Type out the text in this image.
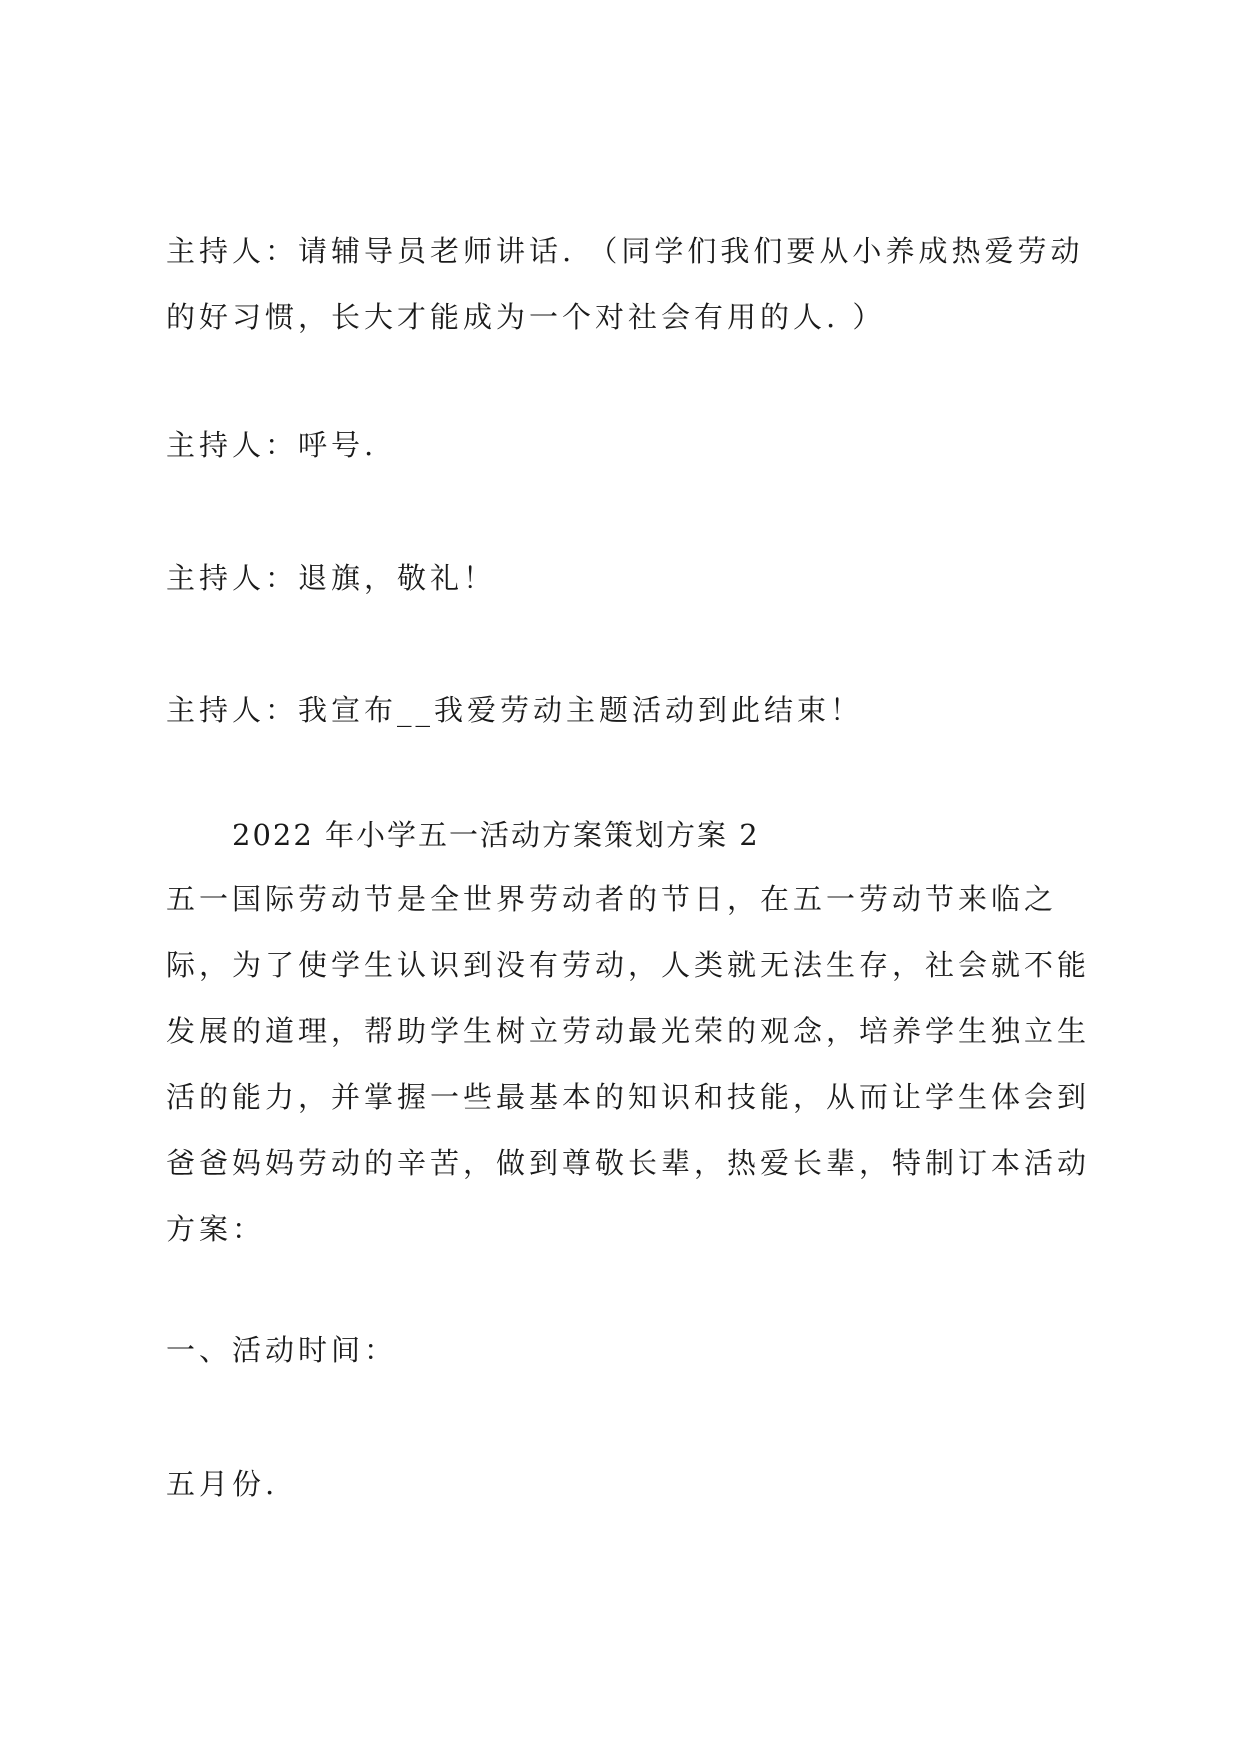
主持人：请辅导员老师讲话. （同学们我们要从小养成热爱劳动
的好习惯，长大才能成为一个对社会有用的人. ）
主持人：呼号.
主持人：退旗，敬礼！
主持人：我宣布__我爱劳动主题活动到此结束！
2022 年小学五一活动方案策划方案 2
五一国际劳动节是全世界劳动者的节日，在五一劳动节来临之
际，为了使学生认识到没有劳动，人类就无法生存，社会就不能
发展的道理，帮助学生树立劳动最光荣的观念，培养学生独立生
活的能力，并掌握一些最基本的知识和技能，从而让学生体会到
爸爸妈妈劳动的辛苦，做到尊敬长辈，热爱长辈，特制订本活动
方案：
一、活动时间：
五月份.
